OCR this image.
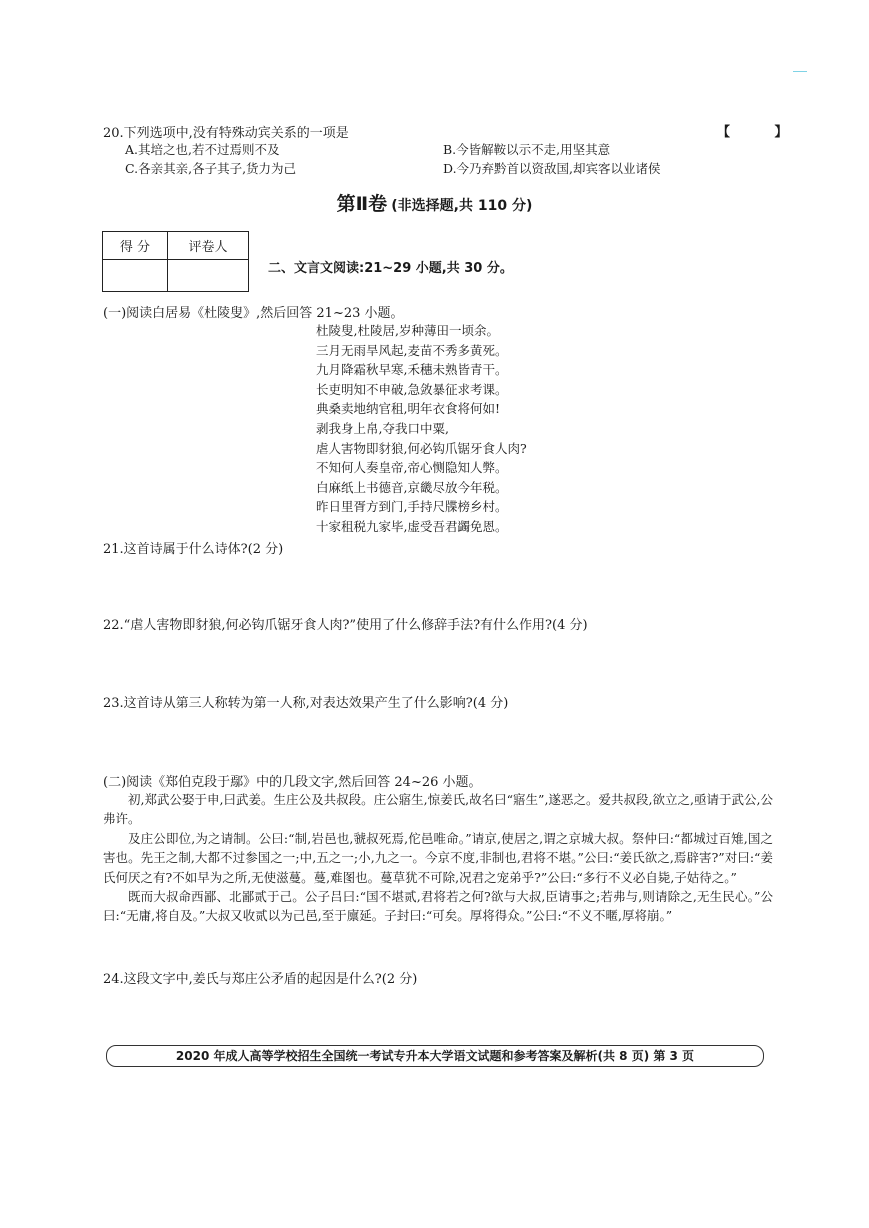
20.下列选项中,没有特殊动宾关系的一项是	【 】
A.其培之也,若不过焉则不及	B.今皆解鞍以示不走,用坚其意
C.各亲其亲,各子其子,货力为己	D.今乃弃黔首以资敌国,却宾客以业诸侯
第Ⅱ卷 (非选择题,共 110 分)
得 分	评卷人

二、文言文阅读:21~29 小题,共 30 分。
(一)阅读白居易《杜陵叟》,然后回答 21~23 小题。
杜陵叟,杜陵居,岁种薄田一顷余。
三月无雨旱风起,麦苗不秀多黄死。
九月降霜秋早寒,禾穗未熟皆青干。
长吏明知不申破,急敛暴征求考课。
典桑卖地纳官租,明年衣食将何如!
剥我身上帛,夺我口中粟,
虐人害物即豺狼,何必钩爪锯牙食人肉?
不知何人奏皇帝,帝心恻隐知人弊。
白麻纸上书德音,京畿尽放今年税。
昨日里胥方到门,手持尺牒榜乡村。
十家租税九家毕,虚受吾君蠲免恩。
21.这首诗属于什么诗体?(2 分)
22.“虐人害物即豺狼,何必钩爪锯牙食人肉?”使用了什么修辞手法?有什么作用?(4 分)
23.这首诗从第三人称转为第一人称,对表达效果产生了什么影响?(4 分)
(二)阅读《郑伯克段于鄢》中的几段文字,然后回答 24~26 小题。

初,郑武公娶于申,曰武姜。生庄公及共叔段。庄公寤生,惊姜氏,故名曰“寤生”,遂恶之。爱共叔段,欲立之,亟请于武公,公弗许。

及庄公即位,为之请制。公曰:“制,岩邑也,虢叔死焉,佗邑唯命。”请京,使居之,谓之京城大叔。祭仲曰:“都城过百雉,国之害也。先王之制,大都不过参国之一;中,五之一;小,九之一。今京不度,非制也,君将不堪。”公曰:“姜氏欲之,焉辟害?”对曰:“姜氏何厌之有?不如早为之所,无使滋蔓。蔓,难图也。蔓草犹不可除,况君之宠弟乎?”公曰:“多行不义必自毙,子姑待之。”

既而大叔命西鄙、北鄙贰于己。公子吕曰:“国不堪贰,君将若之何?欲与大叔,臣请事之;若弗与,则请除之,无生民心。”公曰:“无庸,将自及。”大叔又收贰以为己邑,至于廪延。子封曰:“可矣。厚将得众。”公曰:“不义不暱,厚将崩。”

24.这段文字中,姜氏与郑庄公矛盾的起因是什么?(2 分)
2020 年成人高等学校招生全国统一考试专升本大学语文试题和参考答案及解析(共 8 页) 第 3 页
